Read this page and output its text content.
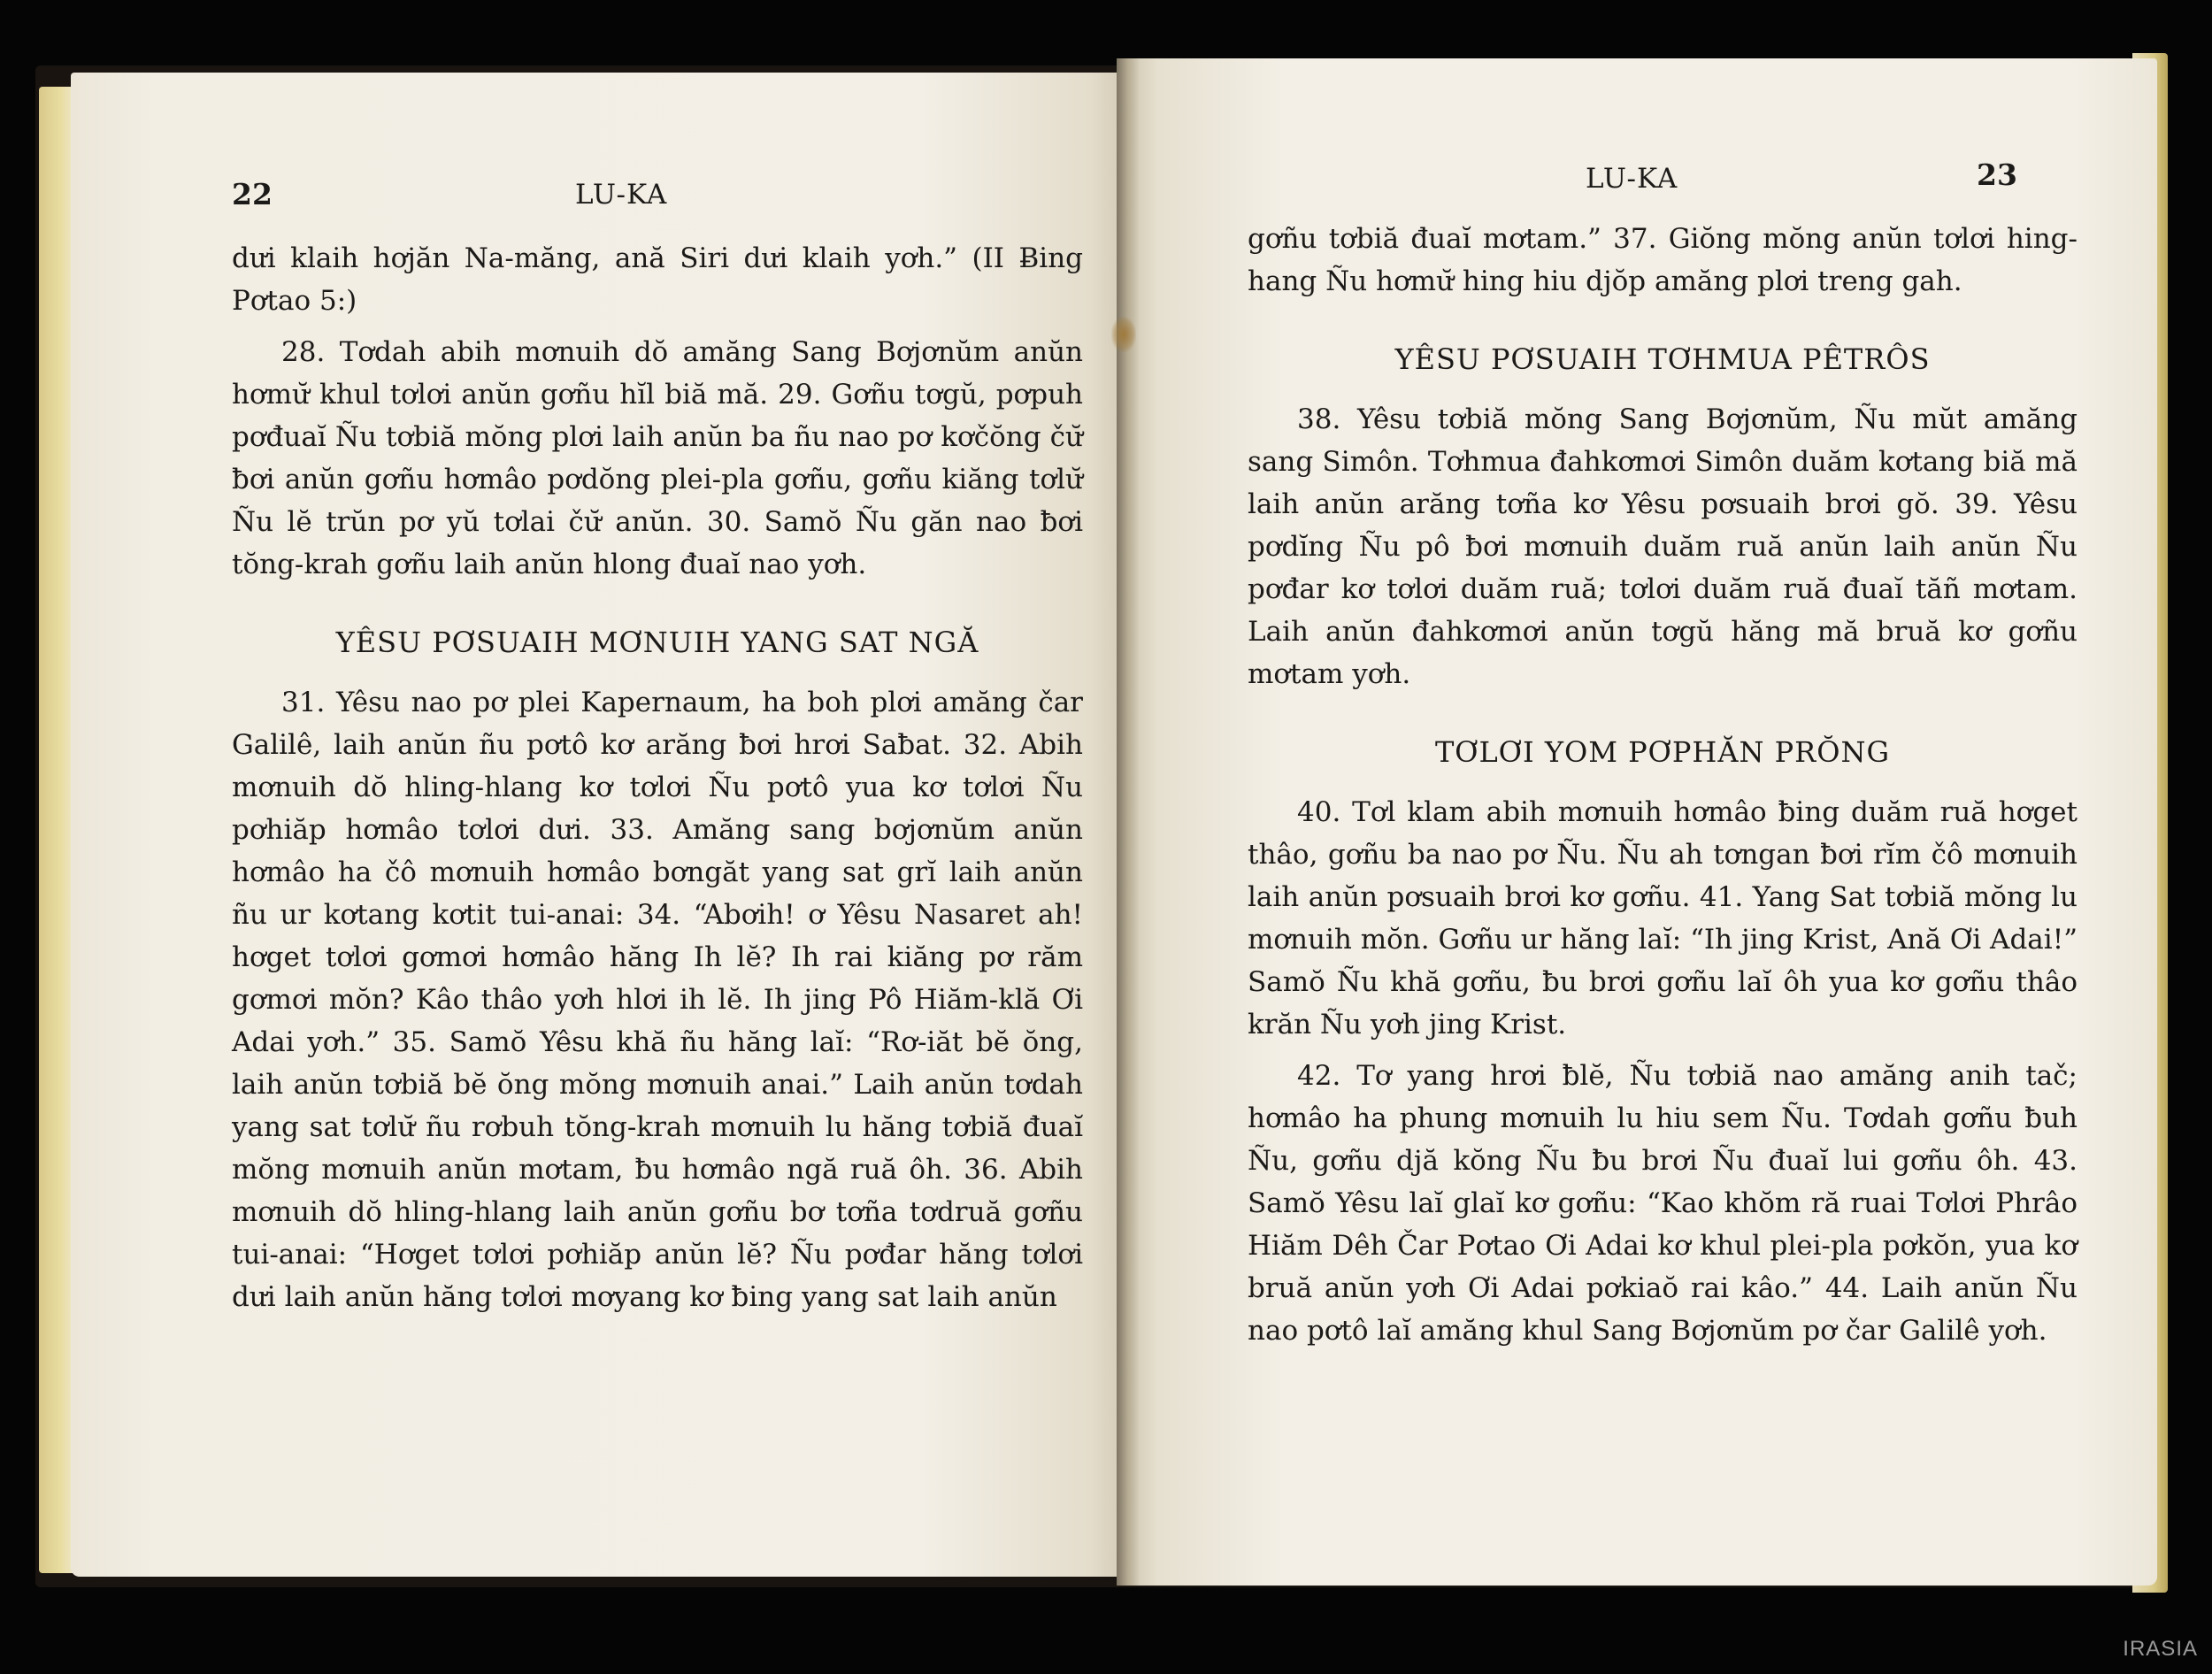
22	LU-KA

dưi klaih hơjăn Na-măng, ană Siri dưi klaih yơh.” (II Ƀing Pơtao 5:)

28. Tơdah abih mơnuih dŏ amăng Sang Bơjơnŭm anŭn hơmư̆ khul tơlơi anŭn gơñu hĭl biă mă. 29. Gơñu tơgŭ, pơpuh pơđuaĭ Ñu tơbiă mŏng plơi laih anŭn ba ñu nao pơ kơčŏng čư̆ ƀơi anŭn gơñu hơmâo pơdŏng plei-pla gơñu, gơñu kiăng tơlư̆ Ñu lĕ trŭn pơ yŭ tơlai čư̆ anŭn. 30. Samŏ Ñu găn nao ƀơi tŏng-krah gơñu laih anŭn hlong đuaĭ nao yơh.

YÊSU PƠSUAIH MƠNUIH YANG SAT NGĂ

31. Yêsu nao pơ plei Kapernaum, ha boh plơi amăng čar Galilê, laih anŭn ñu pơtô kơ arăng ƀơi hrơi Saƀat. 32. Abih mơnuih dŏ hling-hlang kơ tơlơi Ñu pơtô yua kơ tơlơi Ñu pơhiăp hơmâo tơlơi dưi. 33. Amăng sang bơjơnŭm anŭn hơmâo ha čô mơnuih hơmâo bơngăt yang sat grĭ laih anŭn ñu ur kơtang kơtit tui-anai: 34. “Abơih! ơ Yêsu Nasaret ah! hơget tơlơi gơmơi hơmâo hăng Ih lĕ? Ih rai kiăng pơ răm gơmơi mŏn? Kâo thâo yơh hlơi ih lĕ. Ih jing Pô Hiăm-klă Ơi Adai yơh.” 35. Samŏ Yêsu khă ñu hăng laĭ: “Rơ-iăt bĕ ŏng, laih anŭn tơbiă bĕ ŏng mŏng mơnuih anai.” Laih anŭn tơdah yang sat tơlư̆ ñu rơbuh tŏng-krah mơnuih lu hăng tơbiă đuaĭ mŏng mơnuih anŭn mơtam, ƀu hơmâo ngă ruă ôh. 36. Abih mơnuih dŏ hling-hlang laih anŭn gơñu bơ tơña tơdruă gơñu tui-anai: “Hơget tơlơi pơhiăp anŭn lĕ? Ñu pơđar hăng tơlơi dưi laih anŭn hăng tơlơi mơyang kơ ƀing yang sat laih anŭn

LU-KA	23

gơñu tơbiă đuaĭ mơtam.” 37. Giŏng mŏng anŭn tơlơi hing-hang Ñu hơmư̆ hing hiu djŏp amăng plơi treng gah.

YÊSU PƠSUAIH TƠHMUA PÊTRÔS

38. Yêsu tơbiă mŏng Sang Bơjơnŭm, Ñu mŭt amăng sang Simôn. Tơhmua đahkơmơi Simôn duăm kơtang biă mă laih anŭn arăng tơña kơ Yêsu pơsuaih brơi gŏ. 39. Yêsu pơdĭng Ñu pô ƀơi mơnuih duăm ruă anŭn laih anŭn Ñu pơđar kơ tơlơi duăm ruă; tơlơi duăm ruă đuaĭ tăñ mơtam. Laih anŭn đahkơmơi anŭn tơgŭ hăng mă bruă kơ gơñu mơtam yơh.

TƠLƠI YOM PƠPHĂN PRŎNG

40. Tơl klam abih mơnuih hơmâo ƀing duăm ruă hơget thâo, gơñu ba nao pơ Ñu. Ñu ah tơngan ƀơi rĭm čô mơnuih laih anŭn pơsuaih brơi kơ gơñu. 41. Yang Sat tơbiă mŏng lu mơnuih mŏn. Gơñu ur hăng laĭ: “Ih jing Krist, Ană Ơi Adai!” Samŏ Ñu khă gơñu, ƀu brơi gơñu laĭ ôh yua kơ gơñu thâo krăn Ñu yơh jing Krist.

42. Tơ yang hrơi ƀlĕ, Ñu tơbiă nao amăng anih tač; hơmâo ha phung mơnuih lu hiu sem Ñu. Tơdah gơñu ƀuh Ñu, gơñu djă kŏng Ñu ƀu brơi Ñu đuaĭ lui gơñu ôh. 43. Samŏ Yêsu laĭ glaĭ kơ gơñu: “Kao khŏm ră ruai Tơlơi Phrâo Hiăm Dêh Čar Pơtao Ơi Adai kơ khul plei-pla pơkŏn, yua kơ bruă anŭn yơh Ơi Adai pơkiaŏ rai kâo.” 44. Laih anŭn Ñu nao pơtô laĭ amăng khul Sang Bơjơnŭm pơ čar Galilê yơh.

IRASIA
